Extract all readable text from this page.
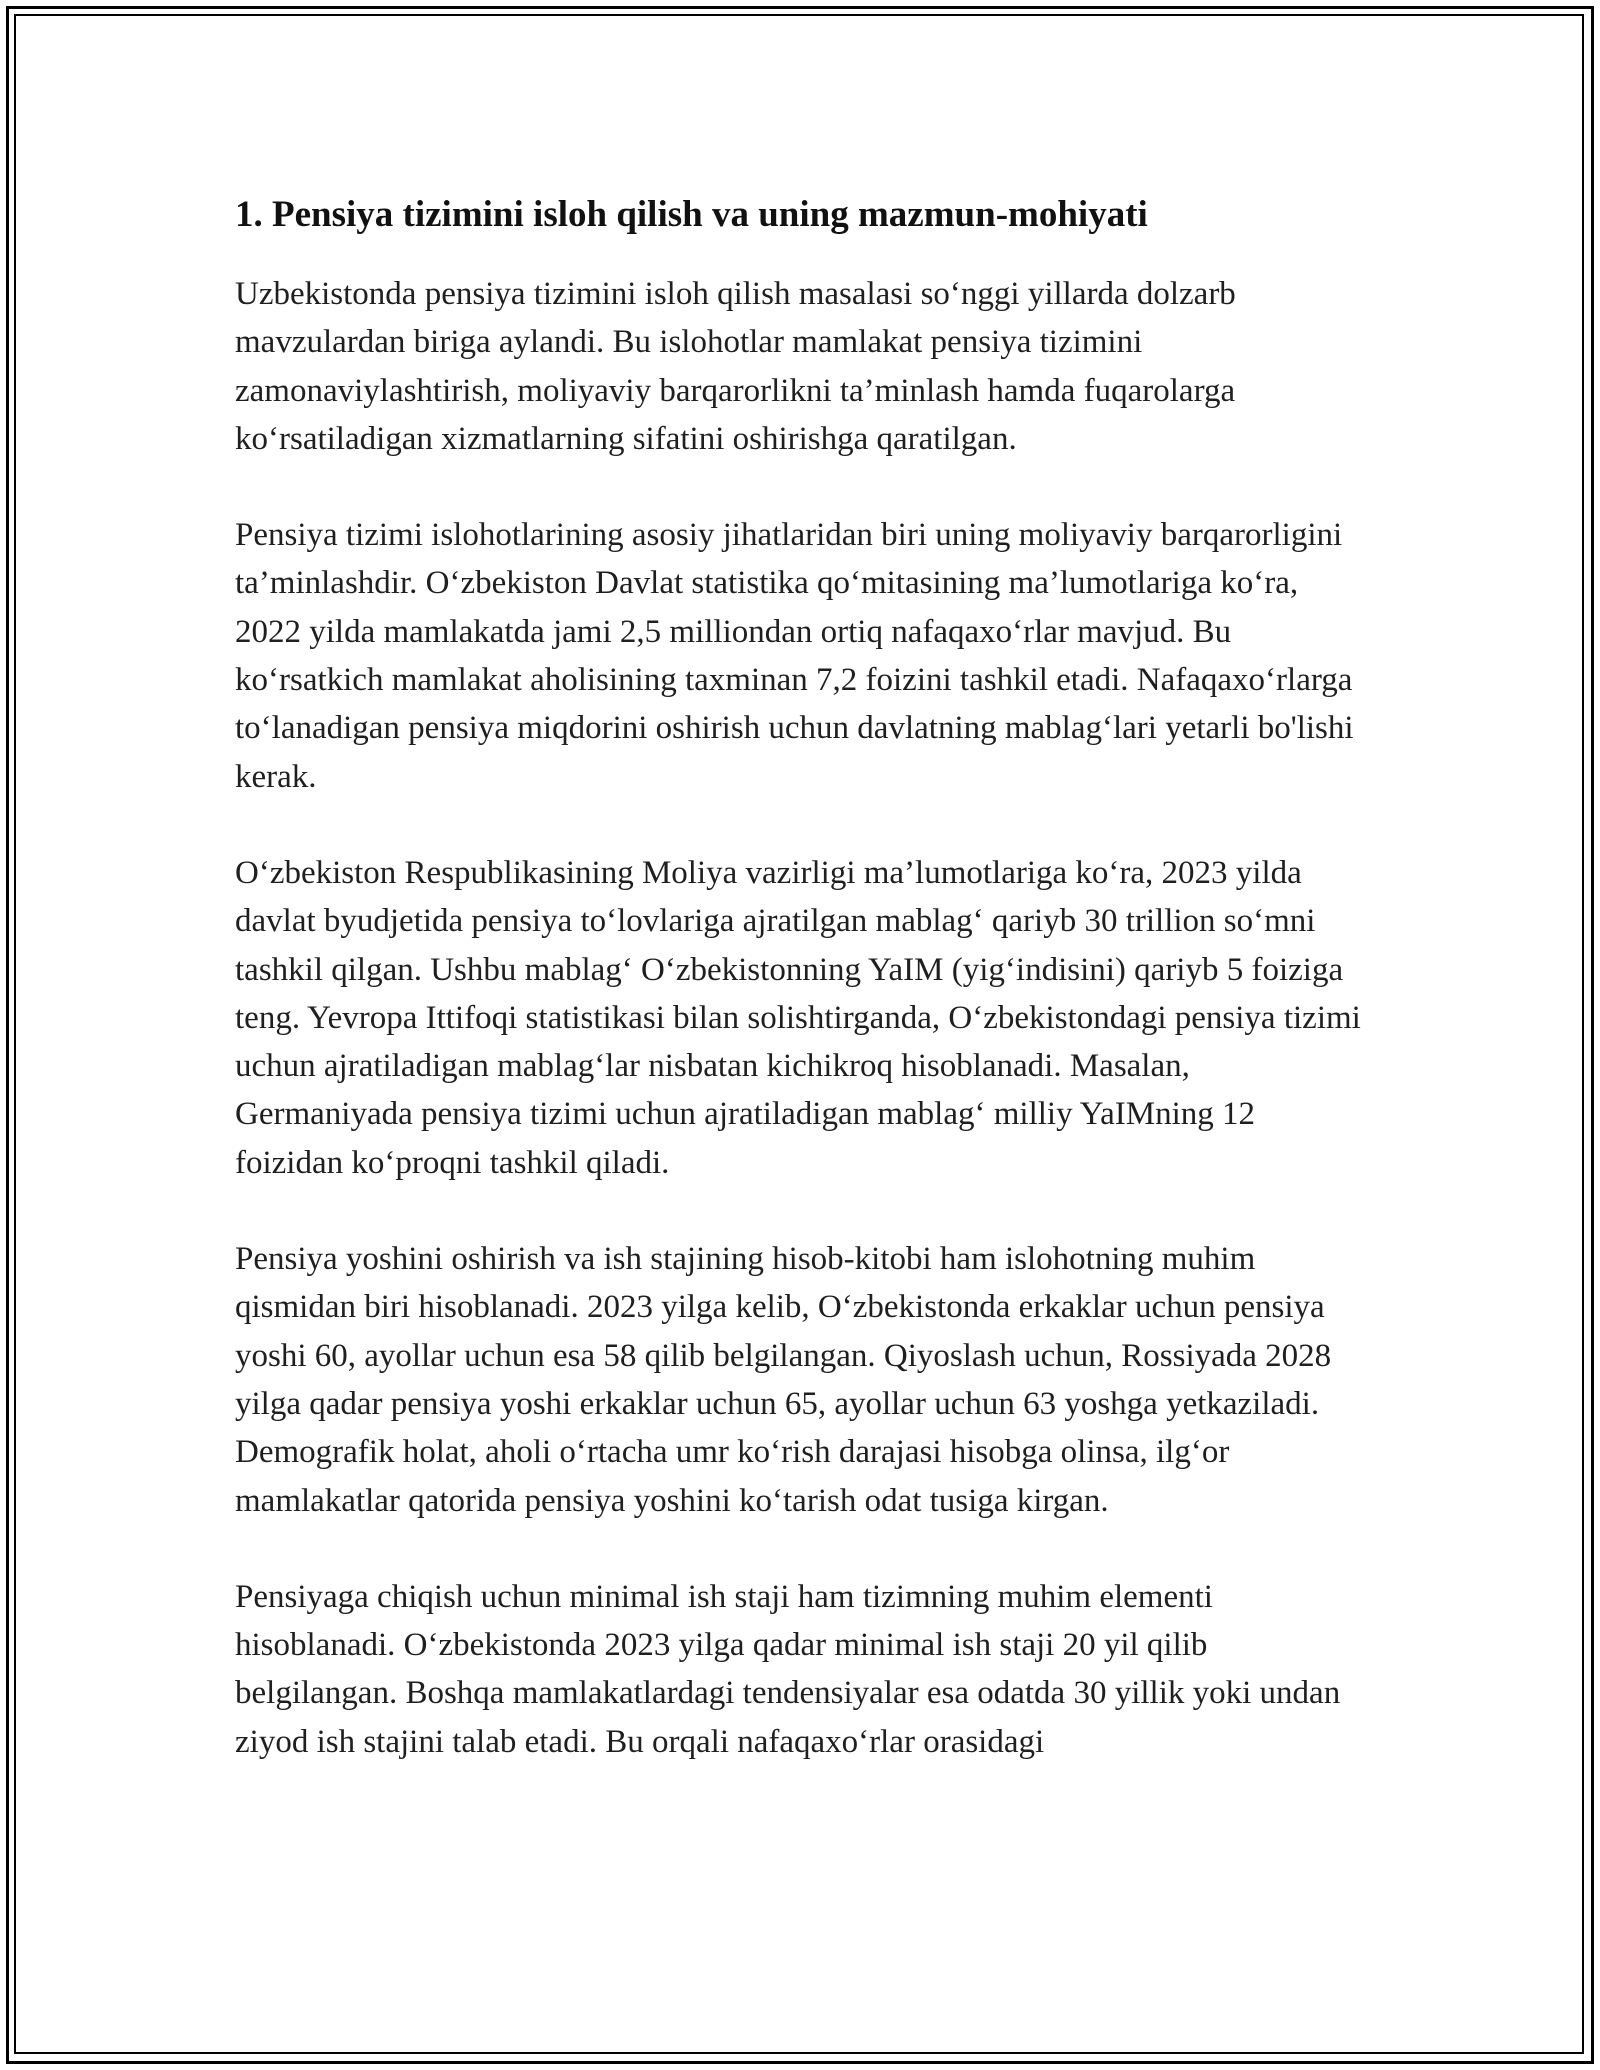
1. Pensiya tizimini isloh qilish va uning mazmun-mohiyati

Uzbekistonda pensiya tizimini isloh qilish masalasi so‘nggi yillarda dolzarb mavzulardan biriga aylandi. Bu islohotlar mamlakat pensiya tizimini zamonaviylashtirish, moliyaviy barqarorlikni ta’minlash hamda fuqarolarga ko‘rsatiladigan xizmatlarning sifatini oshirishga qaratilgan.

Pensiya tizimi islohotlarining asosiy jihatlaridan biri uning moliyaviy barqarorligini ta’minlashdir. O‘zbekiston Davlat statistika qo‘mitasining ma’lumotlariga ko‘ra, 2022 yilda mamlakatda jami 2,5 milliondan ortiq nafaqaxo‘rlar mavjud. Bu ko‘rsatkich mamlakat aholisining taxminan 7,2 foizini tashkil etadi. Nafaqaxo‘rlarga to‘lanadigan pensiya miqdorini oshirish uchun davlatning mablag‘lari yetarli bo'lishi kerak.

O‘zbekiston Respublikasining Moliya vazirligi ma’lumotlariga ko‘ra, 2023 yilda davlat byudjetida pensiya to‘lovlariga ajratilgan mablag‘ qariyb 30 trillion so‘mni tashkil qilgan. Ushbu mablag‘ O‘zbekistonning YaIM (yig‘indisini) qariyb 5 foiziga teng. Yevropa Ittifoqi statistikasi bilan solishtirganda, O‘zbekistondagi pensiya tizimi uchun ajratiladigan mablag‘lar nisbatan kichikroq hisoblanadi. Masalan, Germaniyada pensiya tizimi uchun ajratiladigan mablag‘ milliy YaIMning 12 foizidan ko‘proqni tashkil qiladi.

Pensiya yoshini oshirish va ish stajining hisob-kitobi ham islohotning muhim qismidan biri hisoblanadi. 2023 yilga kelib, O‘zbekistonda erkaklar uchun pensiya yoshi 60, ayollar uchun esa 58 qilib belgilangan. Qiyoslash uchun, Rossiyada 2028 yilga qadar pensiya yoshi erkaklar uchun 65, ayollar uchun 63 yoshga yetkaziladi. Demografik holat, aholi o‘rtacha umr ko‘rish darajasi hisobga olinsa, ilg‘or mamlakatlar qatorida pensiya yoshini ko‘tarish odat tusiga kirgan.

Pensiyaga chiqish uchun minimal ish staji ham tizimning muhim elementi hisoblanadi. O‘zbekistonda 2023 yilga qadar minimal ish staji 20 yil qilib belgilangan. Boshqa mamlakatlardagi tendensiyalar esa odatda 30 yillik yoki undan ziyod ish stajini talab etadi. Bu orqali nafaqaxo‘rlar orasidagi
